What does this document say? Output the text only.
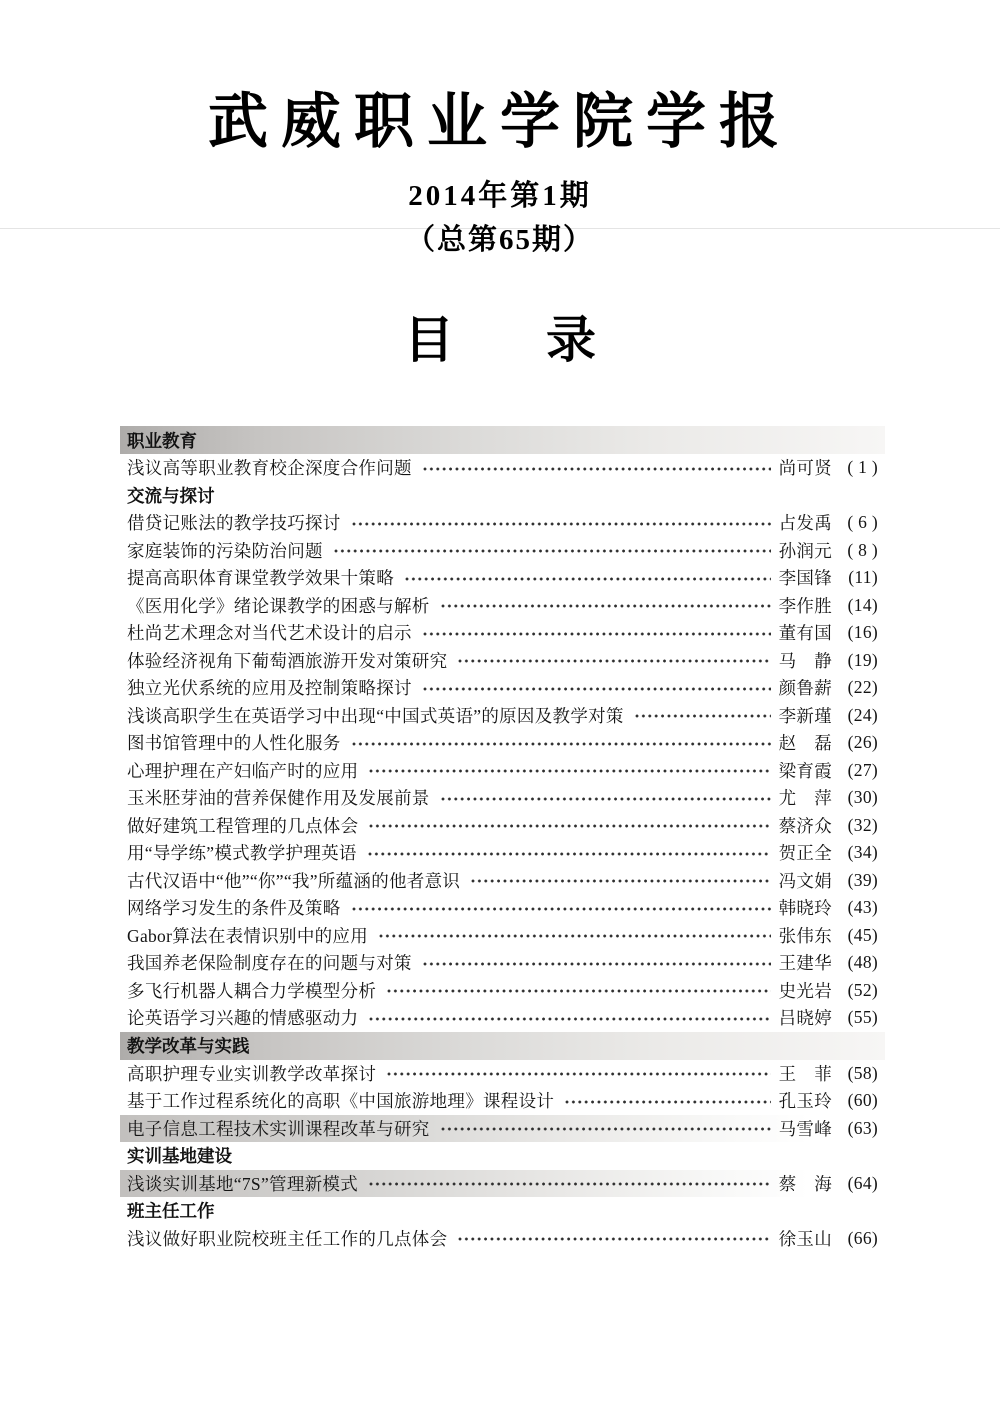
武威职业学院学报
2014年第1期
（总第65期）
目 录
职业教育
浅议高等职业教育校企深度合作问题	尚可贤 ( 1 )
交流与探讨
借贷记账法的教学技巧探讨	占发禹 ( 6 )
家庭装饰的污染防治问题	孙润元 ( 8 )
提高高职体育课堂教学效果十策略	李国锋 (11)
《医用化学》绪论课教学的困惑与解析	李作胜 (14)
杜尚艺术理念对当代艺术设计的启示	董有国 (16)
体验经济视角下葡萄酒旅游开发对策研究	马　静 (19)
独立光伏系统的应用及控制策略探讨	颜鲁薪 (22)
浅谈高职学生在英语学习中出现“中国式英语”的原因及教学对策	李新瑾 (24)
图书馆管理中的人性化服务	赵　磊 (26)
心理护理在产妇临产时的应用	梁育霞 (27)
玉米胚芽油的营养保健作用及发展前景	尤　萍 (30)
做好建筑工程管理的几点体会	蔡济众 (32)
用“导学练”模式教学护理英语	贺正全 (34)
古代汉语中“他”“你”“我”所蕴涵的他者意识	冯文娟 (39)
网络学习发生的条件及策略	韩晓玲 (43)
Gabor算法在表情识别中的应用	张伟东 (45)
我国养老保险制度存在的问题与对策	王建华 (48)
多飞行机器人耦合力学模型分析	史光岩 (52)
论英语学习兴趣的情感驱动力	吕晓婷 (55)
教学改革与实践
高职护理专业实训教学改革探讨	王　菲 (58)
基于工作过程系统化的高职《中国旅游地理》课程设计	孔玉玲 (60)
电子信息工程技术实训课程改革与研究	马雪峰 (63)
实训基地建设
浅谈实训基地“7S”管理新模式	蔡　海 (64)
班主任工作
浅议做好职业院校班主任工作的几点体会	徐玉山 (66)
